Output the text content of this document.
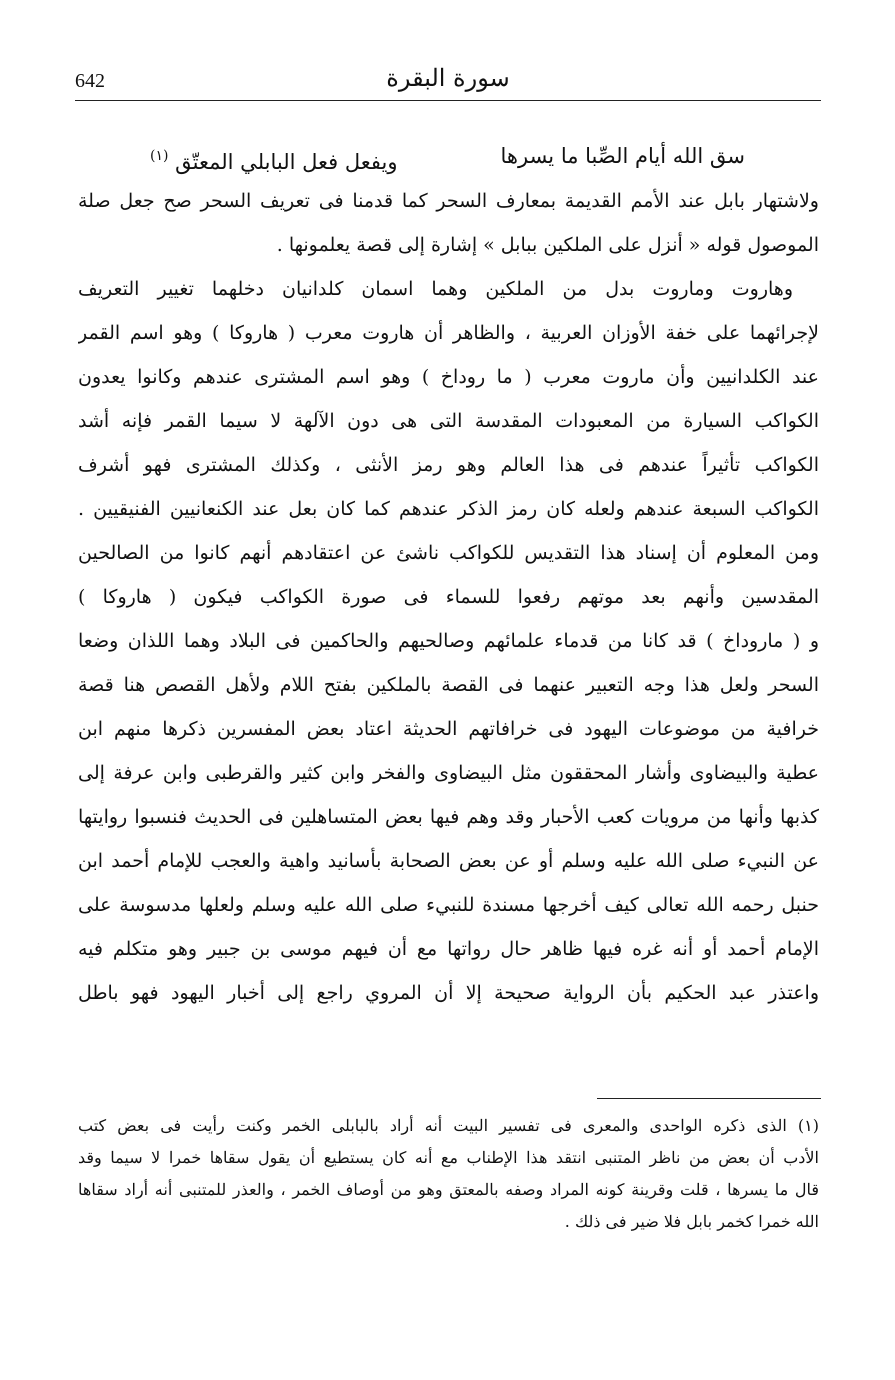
642	سورة البقرة
سق الله أيام الصِّبا ما يسرها
ويفعل فعل البابلي المعتّق $^{(١)}$
ولاشتهار بابل عند الأمم القديمة بمعارف السحر كما قدمنا فى تعريف السحر صح جعل صلة
الموصول قوله « أنزل على الملكين ببابل » إشارة إلى قصة يعلمونها .
وهاروت وماروت بدل من الملكين وهما اسمان كلدانيان دخلهما تغيير التعريف
لإجرائهما على خفة الأوزان العربية ، والظاهر أن هاروت معرب ( هاروكا ) وهو اسم القمر
عند الكلدانيين وأن ماروت معرب ( ما روداخ ) وهو اسم المشترى عندهم وكانوا يعدون
الكواكب السيارة من المعبودات المقدسة التى هى دون الآلهة لا سيما القمر فإنه أشد
الكواكب تأثيراً عندهم فى هذا العالم وهو رمز الأنثى ، وكذلك المشترى فهو أشرف
الكواكب السبعة عندهم ولعله كان رمز الذكر عندهم كما كان بعل عند الكنعانيين الفنيقيين .
ومن المعلوم أن إسناد هذا التقديس للكواكب ناشئ عن اعتقادهم أنهم كانوا من الصالحين
المقدسين وأنهم بعد موتهم رفعوا للسماء فى صورة الكواكب فيكون ( هاروكا )
و ( ماروداخ ) قد كانا من قدماء علمائهم وصالحيهم والحاكمين فى البلاد وهما اللذان وضعا
السحر ولعل هذا وجه التعبير عنهما فى القصة بالملكين بفتح اللام ولأهل القصص هنا قصة
خرافية من موضوعات اليهود فى خرافاتهم الحديثة اعتاد بعض المفسرين ذكرها منهم ابن
عطية والبيضاوى وأشار المحققون مثل البيضاوى والفخر وابن كثير والقرطبى وابن عرفة إلى
كذبها وأنها من مرويات كعب الأحبار وقد وهم فيها بعض المتساهلين فى الحديث فنسبوا روايتها
عن النبيء صلى الله عليه وسلم أو عن بعض الصحابة بأسانيد واهية والعجب للإمام أحمد ابن
حنبل رحمه الله تعالى كيف أخرجها مسندة للنبيء صلى الله عليه وسلم ولعلها مدسوسة على
الإمام أحمد أو أنه غره فيها ظاهر حال رواتها مع أن فيهم موسى بن جبير وهو متكلم فيه
واعتذر عبد الحكيم بأن الرواية صحيحة إلا أن المروي راجع إلى أخبار اليهود فهو باطل
(١) الذى ذكره الواحدى والمعرى فى تفسير البيت أنه أراد بالبابلى الخمر وكنت رأيت فى بعض كتب
الأدب أن بعض من ناظر المتنبى انتقد هذا الإطناب مع أنه كان يستطيع أن يقول سقاها خمرا لا سيما وقد
قال ما يسرها ، قلت وقرينة كونه المراد وصفه بالمعتق وهو من أوصاف الخمر ، والعذر للمتنبى أنه أراد سقاها
الله خمرا كخمر بابل فلا ضير فى ذلك .
